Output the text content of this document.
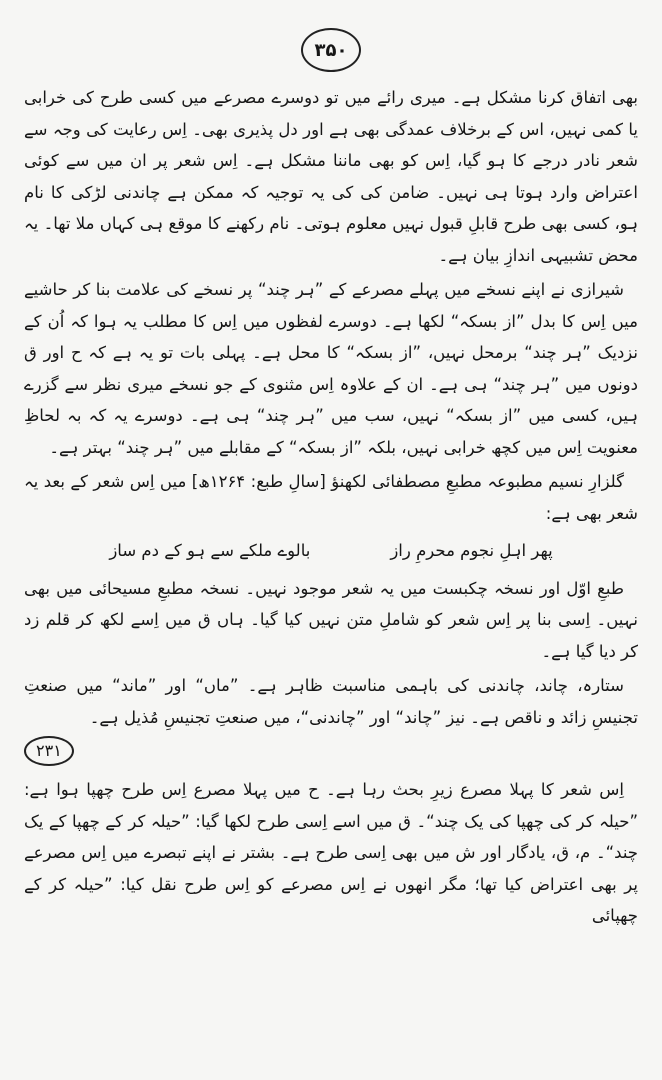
۳۵۰

بھی اتفاق کرنا مشکل ہے۔ میری رائے میں تو دوسرے مصرعے میں کسی طرح کی خرابی یا کمی نہیں، اس کے برخلاف عمدگی بھی ہے اور دل پذیری بھی۔ اِس رعایت کی وجہ سے شعر نادر درجے کا ہو گیا، اِس کو بھی ماننا مشکل ہے۔ اِس شعر پر ان میں سے کوئی اعتراض وارد ہوتا ہی نہیں۔ ضامن کی کی یہ توجیہ کہ ممکن ہے چاندنی لڑکی کا نام ہو، کسی بھی طرح قابلِ قبول نہیں معلوم ہوتی۔ نام رکھنے کا موقع ہی کہاں ملا تھا۔ یہ محض تشبیہی اندازِ بیان ہے۔

شیرازی نے اپنے نسخے میں پہلے مصرعے کے ”ہر چند“ پر نسخے کی علامت بنا کر حاشیے میں اِس کا بدل ”از بسکہ“ لکھا ہے۔ دوسرے لفظوں میں اِس کا مطلب یہ ہوا کہ اُن کے نزدیک ”ہر چند“ برمحل نہیں، ”از بسکہ“ کا محل ہے۔ پہلی بات تو یہ ہے کہ ح اور ق دونوں میں ”ہر چند“ ہی ہے۔ ان کے علاوہ اِس مثنوی کے جو نسخے میری نظر سے گزرے ہیں، کسی میں ”از بسکہ“ نہیں، سب میں ”ہر چند“ ہی ہے۔ دوسرے یہ کہ بہ لحاظِ معنویت اِس میں کچھ خرابی نہیں، بلکہ ”از بسکہ“ کے مقابلے میں ”ہر چند“ بہتر ہے۔

گلزارِ نسیم مطبوعہ مطبعِ مصطفائی لکھنؤ [سالِ طبع: ۱۲۶۴ھ] میں اِس شعر کے بعد یہ شعر بھی ہے:

پھر اہلِ نجوم محرمِ راز
بالوے ملکے سے ہو کے دم ساز

طبعِ اوّل اور نسخہ چکبست میں یہ شعر موجود نہیں۔ نسخہ مطبعِ مسیحائی میں بھی نہیں۔ اِسی بنا پر اِس شعر کو شاملِ متن نہیں کیا گیا۔ ہاں ق میں اِسے لکھ کر قلم زد کر دیا گیا ہے۔

ستارہ، چاند، چاندنی کی باہمی مناسبت ظاہر ہے۔ ”ماں“ اور ”ماند“ میں صنعتِ تجنیسِ زائد و ناقص ہے۔ نیز ”چاند“ اور ”چاندنی“، میں صنعتِ تجنیسِ مُذیل ہے۔

۲۳۱

اِس شعر کا پہلا مصرع زیرِ بحث رہا ہے۔ ح میں پہلا مصرع اِس طرح چھپا ہوا ہے: ”حیلہ کر کی چھپا کی یک چند“۔ ق میں اسے اِسی طرح لکھا گیا: ”حیلہ کر کے چھپا کے یک چند“۔ م، ق، یادگار اور ش میں بھی اِسی طرح ہے۔ بشتر نے اپنے تبصرے میں اِس مصرعے پر بھی اعتراض کیا تھا؛ مگر انھوں نے اِس مصرعے کو اِس طرح نقل کیا: ”حیلہ کر کے چھپائی
